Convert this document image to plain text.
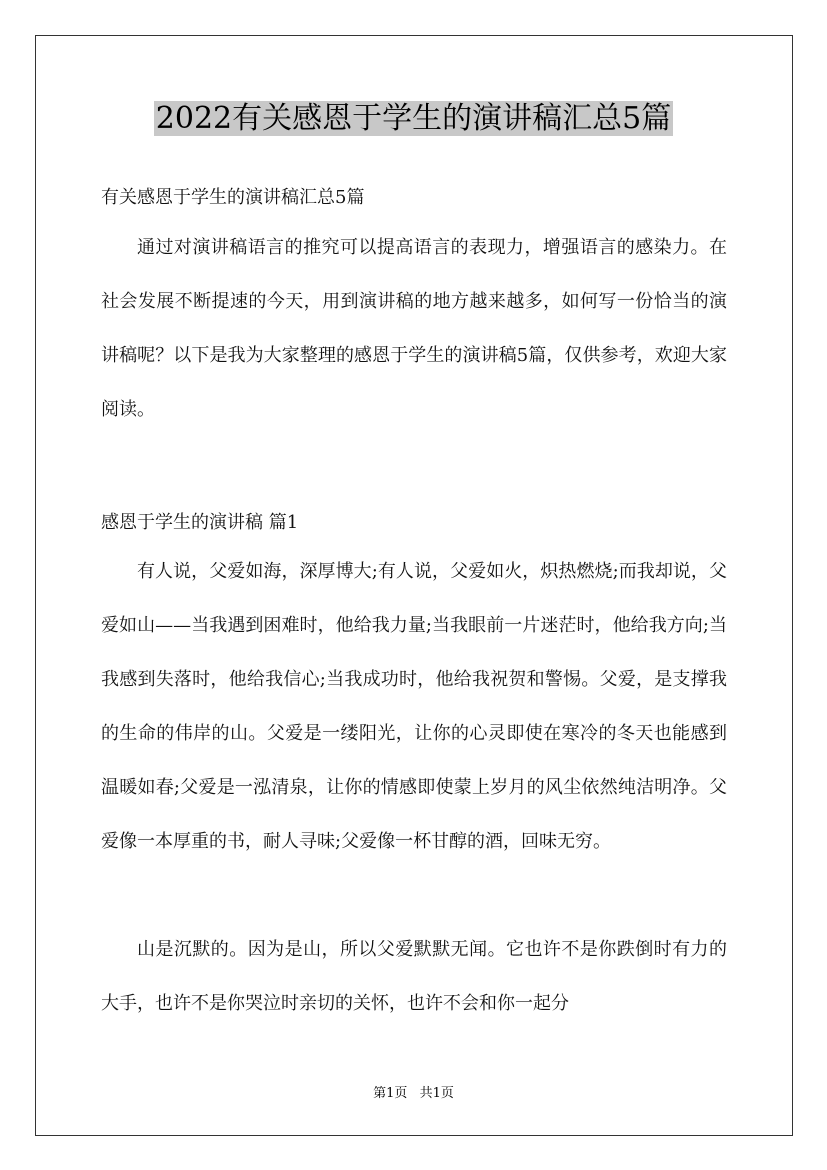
2022有关感恩于学生的演讲稿汇总5篇
有关感恩于学生的演讲稿汇总5篇

通过对演讲稿语言的推究可以提高语言的表现力，增强语言的感染力。在社会发展不断提速的今天，用到演讲稿的地方越来越多，如何写一份恰当的演讲稿呢？以下是我为大家整理的感恩于学生的演讲稿5篇，仅供参考，欢迎大家阅读。

感恩于学生的演讲稿 篇1

有人说，父爱如海，深厚博大;有人说，父爱如火，炽热燃烧;而我却说，父爱如山——当我遇到困难时，他给我力量;当我眼前一片迷茫时，他给我方向;当我感到失落时，他给我信心;当我成功时，他给我祝贺和警惕。父爱，是支撑我的生命的伟岸的山。父爱是一缕阳光，让你的心灵即使在寒冷的冬天也能感到温暖如春;父爱是一泓清泉，让你的情感即使蒙上岁月的风尘依然纯洁明净。父爱像一本厚重的书，耐人寻味;父爱像一杯甘醇的酒，回味无穷。

山是沉默的。因为是山，所以父爱默默无闻。它也许不是你跌倒时有力的大手，也许不是你哭泣时亲切的关怀，也许不会和你一起分

第1页 共1页
